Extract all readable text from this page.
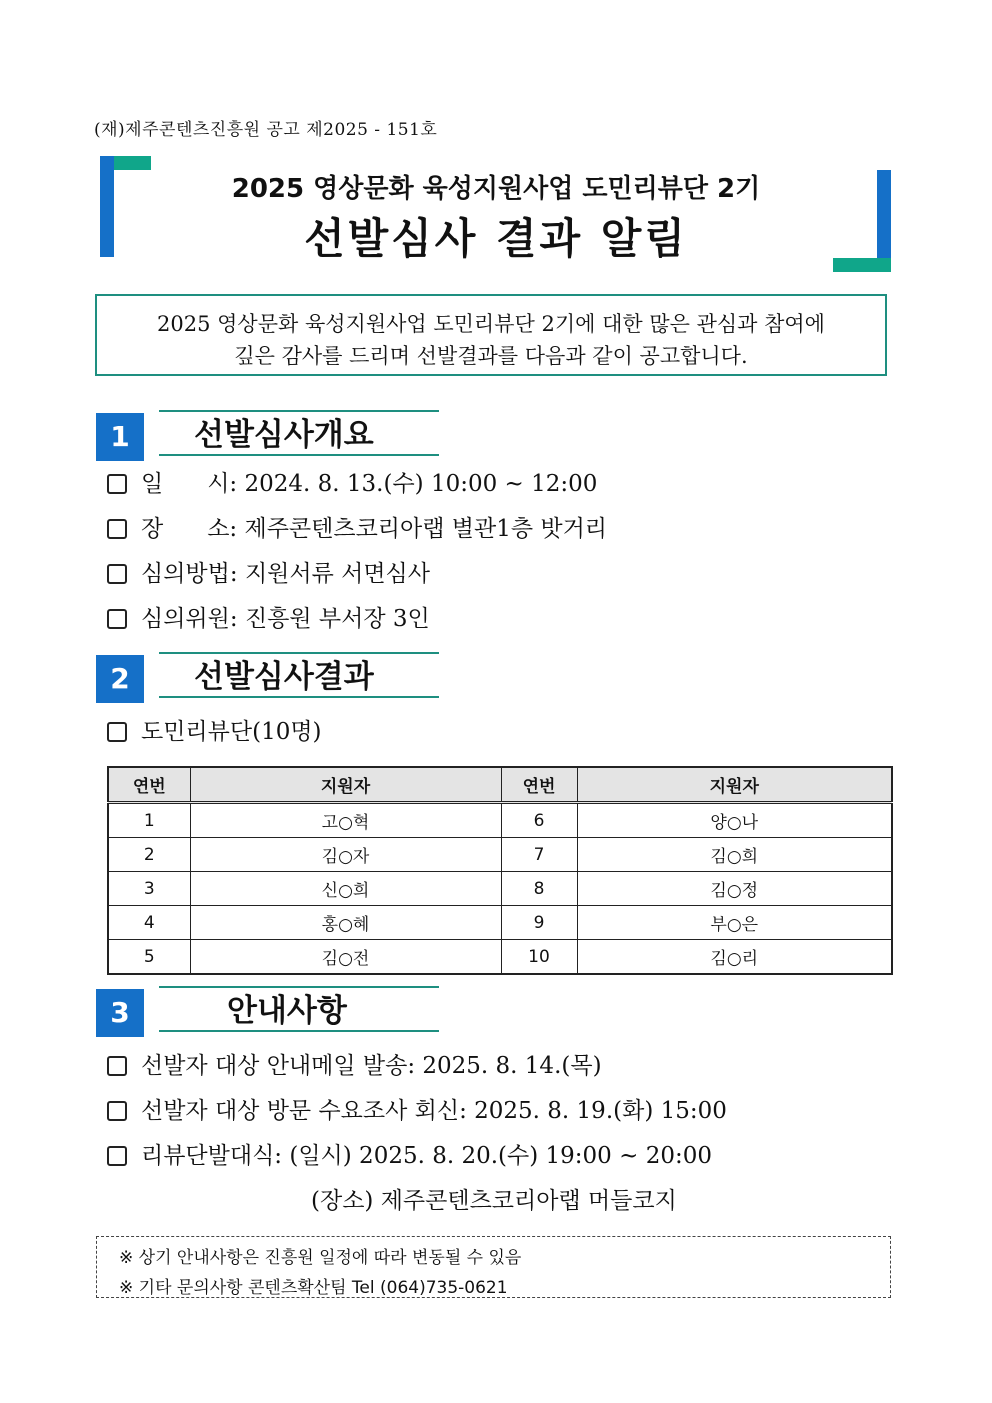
(재)제주콘텐츠진흥원 공고 제2025 - 151호
2025 영상문화 육성지원사업 도민리뷰단 2기
선발심사 결과 알림
2025 영상문화 육성지원사업 도민리뷰단 2기에 대한 많은 관심과 참여에
깊은 감사를 드리며 선발결과를 다음과 같이 공고합니다.
1	선발심사개요
일 시: 2024. 8. 13.(수) 10:00 ~ 12:00
장 소: 제주콘텐츠코리아랩 별관1층 밧거리
심의방법: 지원서류 서면심사
심의위원: 진흥원 부서장 3인
2	선발심사결과
도민리뷰단(10명)
연번	지원자	연번	지원자
1	고○혁	6	양○나
2	김○자	7	김○희
3	신○희	8	김○정
4	홍○혜	9	부○은
5	김○전	10	김○리
3	안내사항
선발자 대상 안내메일 발송: 2025. 8. 14.(목)
선발자 대상 방문 수요조사 회신: 2025. 8. 19.(화) 15:00
리뷰단발대식: (일시) 2025. 8. 20.(수) 19:00 ~ 20:00
(장소) 제주콘텐츠코리아랩 머들코지
※ 상기 안내사항은 진흥원 일정에 따라 변동될 수 있음
※ 기타 문의사항 콘텐츠확산팀 Tel (064)735-0621
